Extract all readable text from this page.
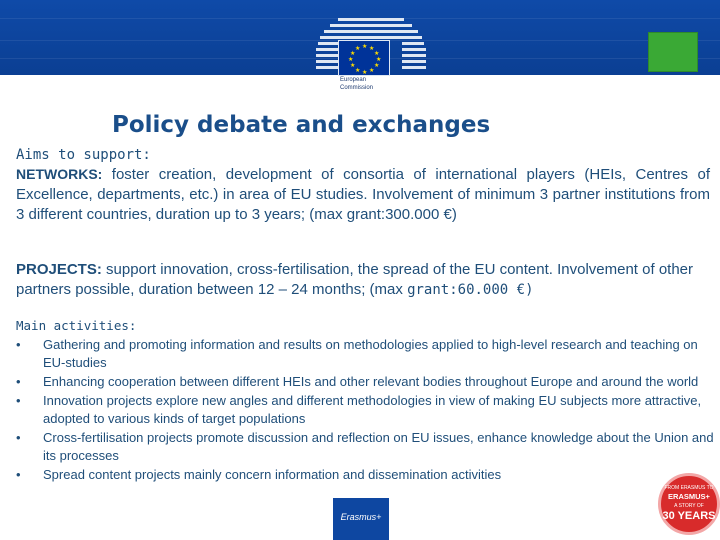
★ ★
★
★
★
★
★
★
★
★
★
★
European
Commission
Policy debate and exchanges
Aims to support:
NETWORKS: foster creation, development of consortia of international players (HEIs, Centres of Excellence, departments, etc.) in area of EU studies. Involvement of minimum 3 partner institutions from 3 different countries, duration up to 3 years; (max grant:300.000 €)
PROJECTS: support innovation, cross-fertilisation, the spread of the EU content. Involvement of other partners possible, duration between 12 – 24 months; (max grant:60.000 €)
Main activities:
• Gathering and promoting information and results on methodologies applied to high-level research and teaching on EU-studies
• Enhancing cooperation between different HEIs and other relevant bodies throughout Europe and around the world
• Innovation projects explore new angles and different methodologies in view of making EU subjects more attractive, adopted to various kinds of target populations
• Cross-fertilisation projects promote discussion and reflection on EU issues, enhance knowledge about the Union and its processes
• Spread content projects mainly concern information and dissemination activities
Erasmus+
FROM ERASMUS TO
ERASMUS+
A STORY OF
30 YEARS
